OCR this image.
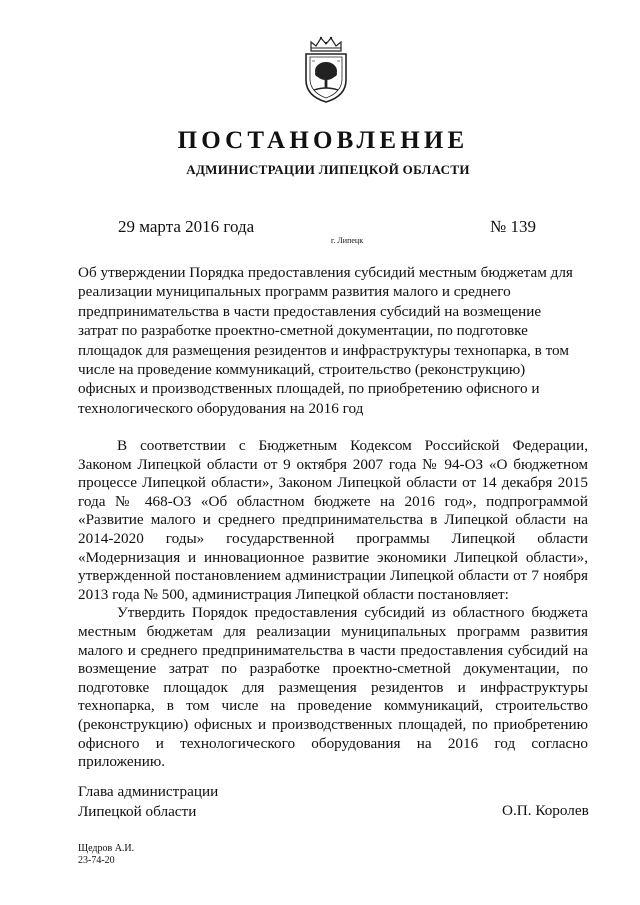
ПОСТАНОВЛЕНИЕ
АДМИНИСТРАЦИИ ЛИПЕЦКОЙ ОБЛАСТИ
29 марта 2016 года
г. Липецк
№ 139
Об утверждении Порядка предоставления субсидий местным бюджетам для реализации муниципальных программ развития малого и среднего предпринимательства в части предоставления субсидий на возмещение затрат по разработке проектно-сметной документации, по подготовке площадок для размещения резидентов и инфраструктуры технопарка, в том числе на проведение коммуникаций, строительство (реконструкцию) офисных и производственных площадей, по приобретению офисного и технологического оборудования на 2016 год

В соответствии с Бюджетным Кодексом Российской Федерации, Законом Липецкой области от 9 октября 2007 года № 94-ОЗ «О бюджетном процессе Липецкой области», Законом Липецкой области от 14 декабря 2015 года № 468-ОЗ «Об областном бюджете на 2016 год», подпрограммой «Развитие малого и среднего предпринимательства в Липецкой области на 2014-2020 годы» государственной программы Липецкой области «Модернизация и инновационное развитие экономики Липецкой области», утвержденной постановлением администрации Липецкой области от 7 ноября 2013 года № 500, администрация Липецкой области постановляет:

Утвердить Порядок предоставления субсидий из областного бюджета местным бюджетам для реализации муниципальных программ развития малого и среднего предпринимательства в части предоставления субсидий на возмещение затрат по разработке проектно-сметной документации, по подготовке площадок для размещения резидентов и инфраструктуры технопарка, в том числе на проведение коммуникаций, строительство (реконструкцию) офисных и производственных площадей, по приобретению офисного и технологического оборудования на 2016 год согласно приложению.

Глава администрации
Липецкой области	О.П. Королев
Щедров А.И.
23-74-20
